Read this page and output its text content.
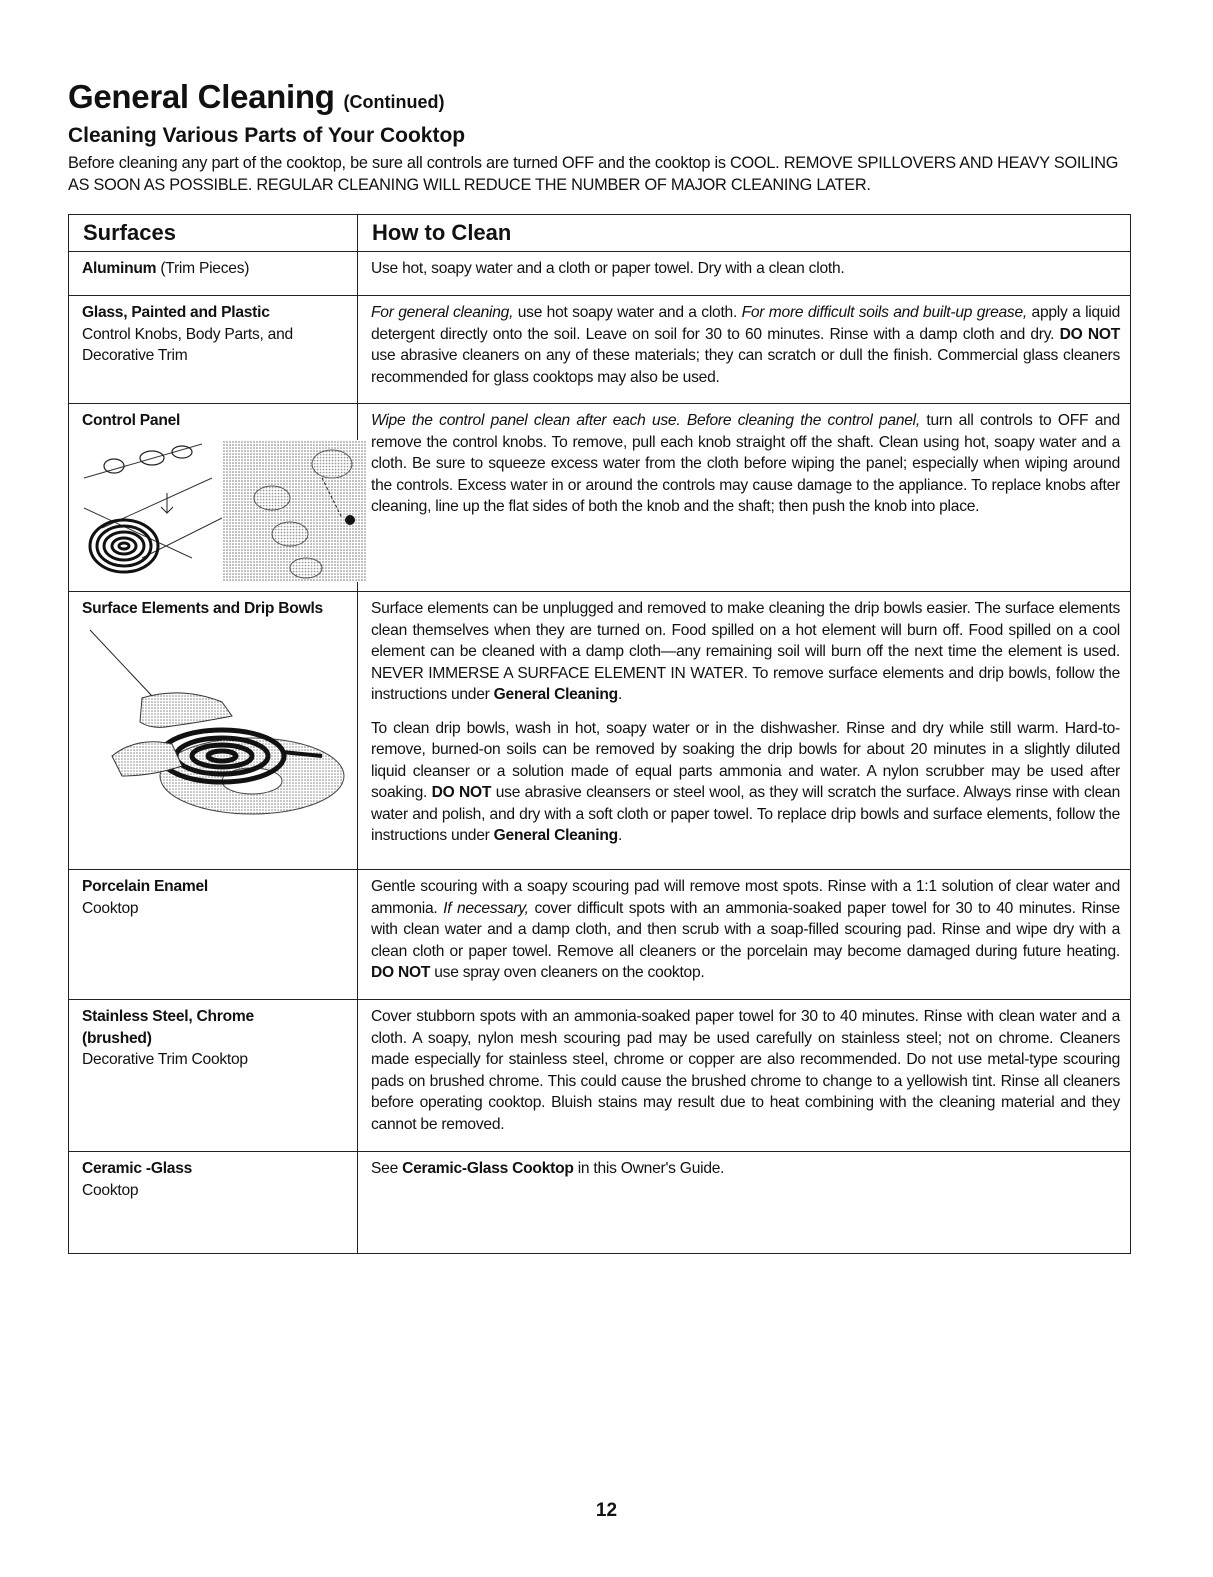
General Cleaning (Continued)
Cleaning Various Parts of Your Cooktop

Before cleaning any part of the cooktop, be sure all controls are turned OFF and the cooktop is COOL. REMOVE SPILLOVERS AND HEAVY SOILING AS SOON AS POSSIBLE. REGULAR CLEANING WILL REDUCE THE NUMBER OF MAJOR CLEANING LATER.

Surfaces	How to Clean
Aluminum (Trim Pieces)	Use hot, soapy water and a cloth or paper towel. Dry with a clean cloth.

Glass, Painted and Plastic
Control Knobs, Body Parts, and Decorative Trim	For general cleaning, use hot soapy water and a cloth. For more difficult soils and built-up grease, apply a liquid detergent directly onto the soil. Leave on soil for 30 to 60 minutes. Rinse with a damp cloth and dry. DO NOT use abrasive cleaners on any of these materials; they can scratch or dull the finish. Commercial glass cleaners recommended for glass cooktops may also be used.

Control Panel	Wipe the control panel clean after each use. Before cleaning the control panel, turn all controls to OFF and remove the control knobs. To remove, pull each knob straight off the shaft. Clean using hot, soapy water and a cloth. Be sure to squeeze excess water from the cloth before wiping the panel; especially when wiping around the controls. Excess water in or around the controls may cause damage to the appliance. To replace knobs after cleaning, line up the flat sides of both the knob and the shaft; then push the knob into place.

Surface Elements and Drip Bowls	Surface elements can be unplugged and removed to make cleaning the drip bowls easier. The surface elements clean themselves when they are turned on. Food spilled on a hot element will burn off. Food spilled on a cool element can be cleaned with a damp cloth—any remaining soil will burn off the next time the element is used. NEVER IMMERSE A SURFACE ELEMENT IN WATER. To remove surface elements and drip bowls, follow the instructions under General Cleaning.

To clean drip bowls, wash in hot, soapy water or in the dishwasher. Rinse and dry while still warm. Hard-to-remove, burned-on soils can be removed by soaking the drip bowls for about 20 minutes in a slightly diluted liquid cleanser or a solution made of equal parts ammonia and water. A nylon scrubber may be used after soaking. DO NOT use abrasive cleansers or steel wool, as they will scratch the surface. Always rinse with clean water and polish, and dry with a soft cloth or paper towel. To replace drip bowls and surface elements, follow the instructions under General Cleaning.

Porcelain Enamel
Cooktop	Gentle scouring with a soapy scouring pad will remove most spots. Rinse with a 1:1 solution of clear water and ammonia. If necessary, cover difficult spots with an ammonia-soaked paper towel for 30 to 40 minutes. Rinse with clean water and a damp cloth, and then scrub with a soap-filled scouring pad. Rinse and wipe dry with a clean cloth or paper towel. Remove all cleaners or the porcelain may become damaged during future heating. DO NOT use spray oven cleaners on the cooktop.

Stainless Steel, Chrome (brushed)
Decorative Trim Cooktop	Cover stubborn spots with an ammonia-soaked paper towel for 30 to 40 minutes. Rinse with clean water and a cloth. A soapy, nylon mesh scouring pad may be used carefully on stainless steel; not on chrome. Cleaners made especially for stainless steel, chrome or copper are also recommended. Do not use metal-type scouring pads on brushed chrome. This could cause the brushed chrome to change to a yellowish tint. Rinse all cleaners before operating cooktop. Bluish stains may result due to heat combining with the cleaning material and they cannot be removed.

Ceramic -Glass
Cooktop	See Ceramic-Glass Cooktop in this Owner's Guide.
12
